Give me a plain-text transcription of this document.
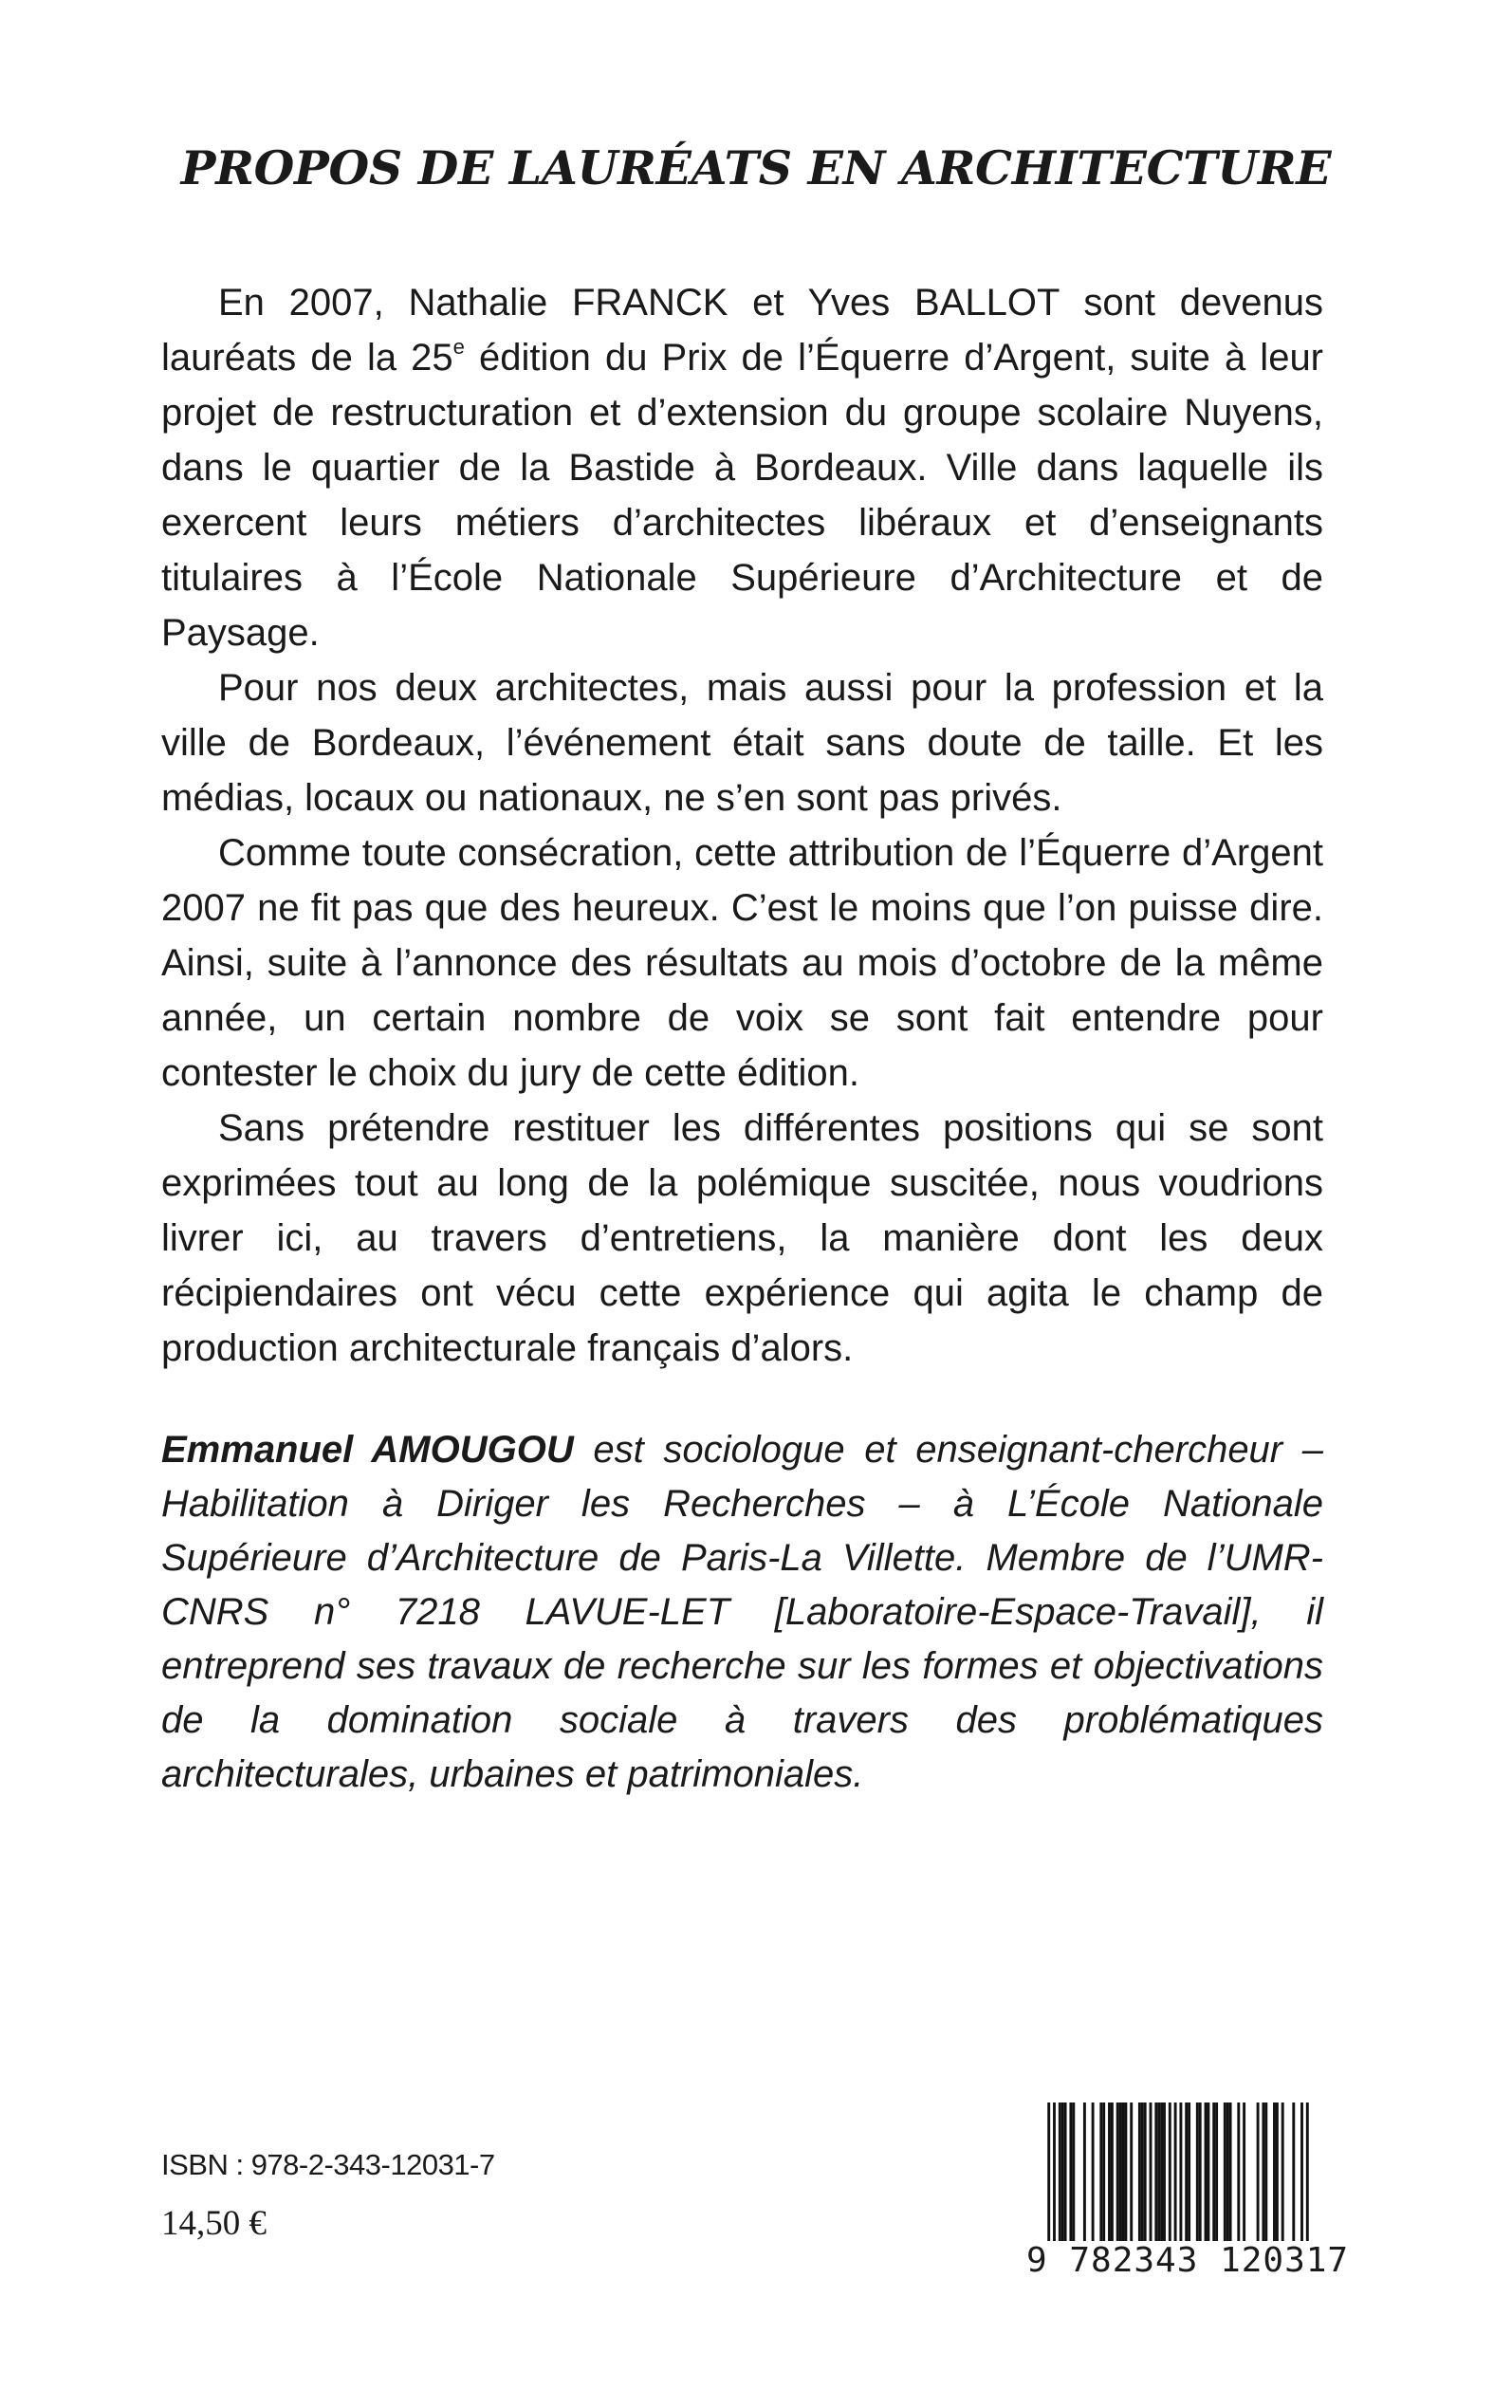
PROPOS DE LAURÉATS EN ARCHITECTURE

En 2007, Nathalie FRANCK et Yves BALLOT sont devenus lauréats de la 25e édition du Prix de l’Équerre d’Argent, suite à leur projet de restructuration et d’extension du groupe scolaire Nuyens, dans le quartier de la Bastide à Bordeaux. Ville dans laquelle ils exercent leurs métiers d’architectes libéraux et d’enseignants titulaires à l’École Nationale Supérieure d’Architecture et de Paysage.

Pour nos deux architectes, mais aussi pour la profession et la ville de Bordeaux, l’événement était sans doute de taille. Et les médias, locaux ou nationaux, ne s’en sont pas privés.

Comme toute consécration, cette attribution de l’Équerre d’Argent 2007 ne fit pas que des heureux. C’est le moins que l’on puisse dire. Ainsi, suite à l’annonce des résultats au mois d’octobre de la même année, un certain nombre de voix se sont fait entendre pour contester le choix du jury de cette édition.

Sans prétendre restituer les différentes positions qui se sont exprimées tout au long de la polémique suscitée, nous voudrions livrer ici, au travers d’entretiens, la manière dont les deux récipiendaires ont vécu cette expérience qui agita le champ de production architecturale français d’alors.

Emmanuel AMOUGOU est sociologue et enseignant-chercheur – Habilitation à Diriger les Recherches – à L’École Nationale Supérieure d’Architecture de Paris-La Villette. Membre de l’UMR-CNRS n° 7218 LAVUE-LET [Laboratoire-Espace-Travail], il entreprend ses travaux de recherche sur les formes et objectivations de la domination sociale à travers des problématiques architecturales, urbaines et patrimoniales.
ISBN : 978-2-343-12031-7
14,50 €
9 782343 120317
